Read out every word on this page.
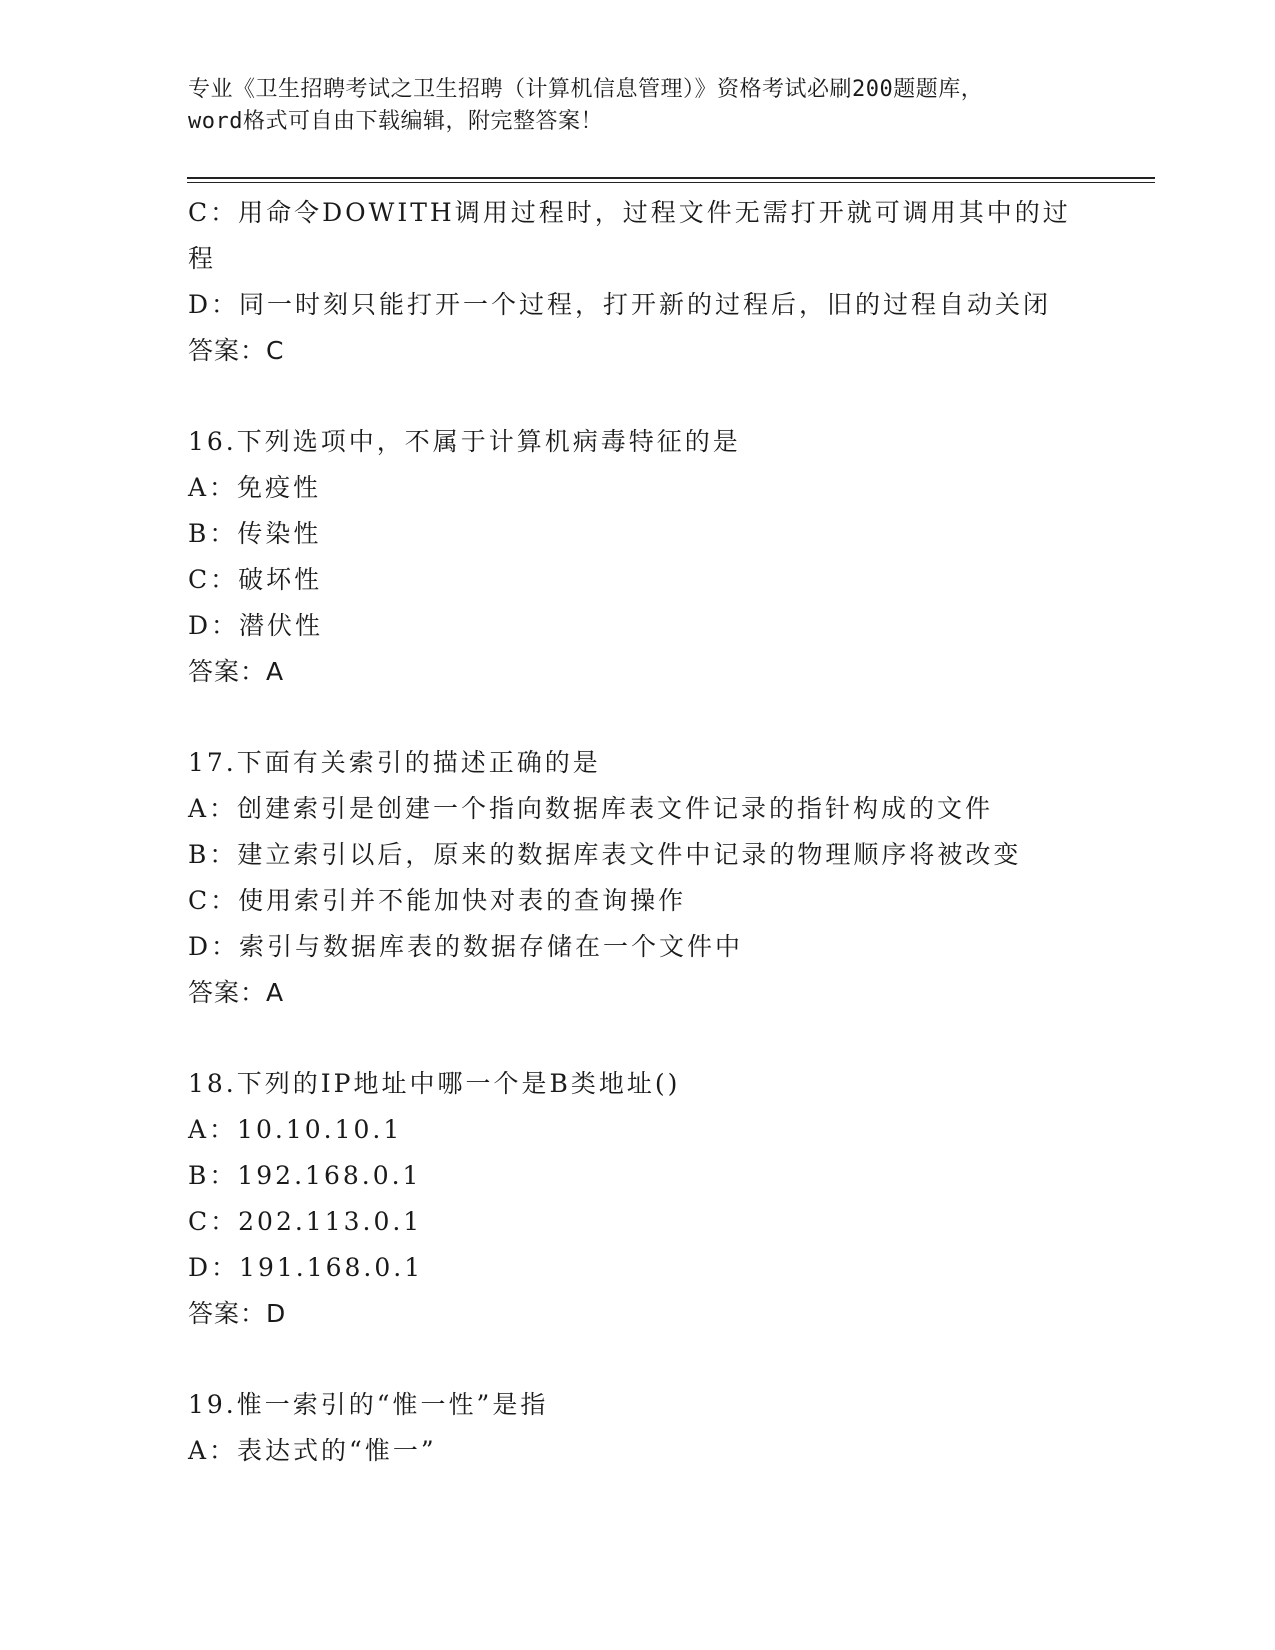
专业《卫生招聘考试之卫生招聘（计算机信息管理）》资格考试必刷200题题库，
word格式可自由下载编辑，附完整答案！
C：用命令DOWITH调用过程时，过程文件无需打开就可调用其中的过
程
D：同一时刻只能打开一个过程，打开新的过程后，旧的过程自动关闭
答案：C
16.下列选项中，不属于计算机病毒特征的是
A：免疫性
B：传染性
C：破坏性
D：潜伏性
答案：A
17.下面有关索引的描述正确的是
A：创建索引是创建一个指向数据库表文件记录的指针构成的文件
B：建立索引以后，原来的数据库表文件中记录的物理顺序将被改变
C：使用索引并不能加快对表的查询操作
D：索引与数据库表的数据存储在一个文件中
答案：A
18.下列的IP地址中哪一个是B类地址()
A：10.10.10.1
B：192.168.0.1
C：202.113.0.1
D：191.168.0.1
答案：D
19.惟一索引的“惟一性”是指
A：表达式的“惟一”
